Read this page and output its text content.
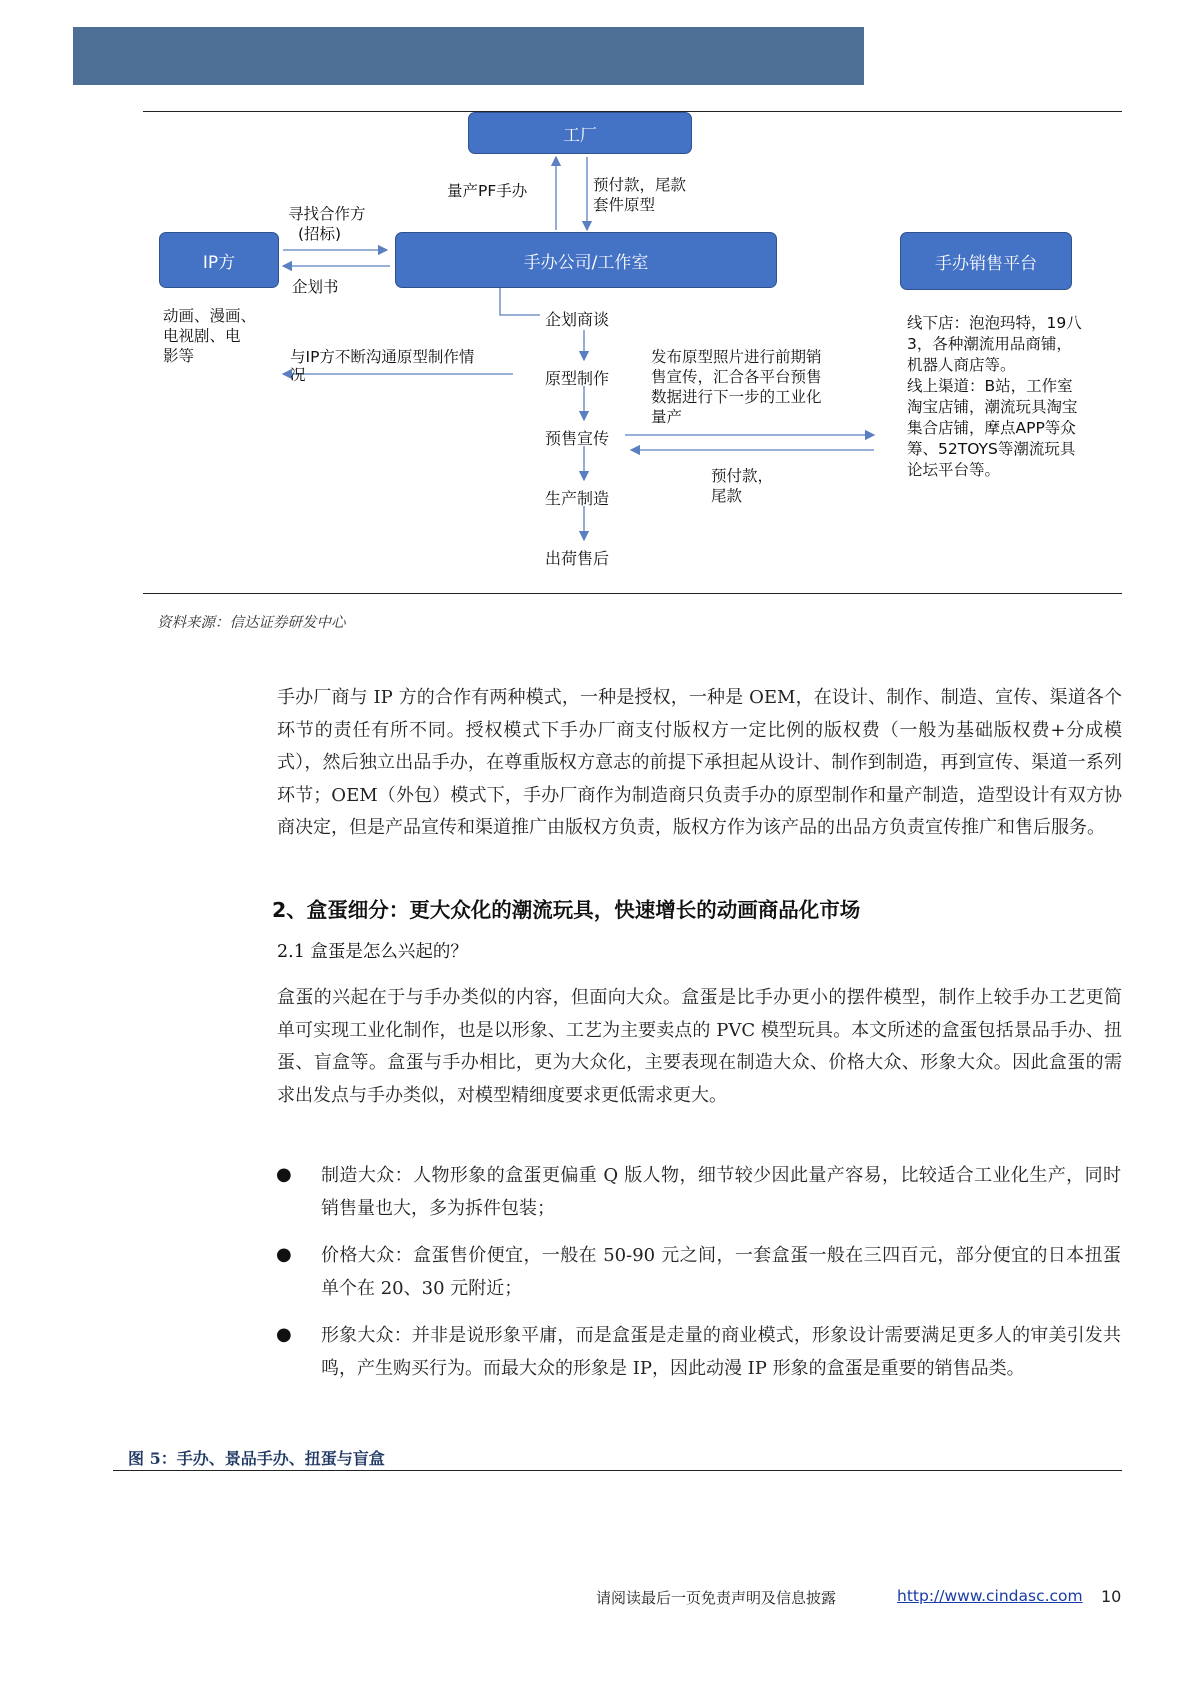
工厂
IP方	手办公司/工作室	手办销售平台
量产PF手办	预付款，尾款
套件原型
寻找合作方
(招标)
企划书
动画、漫画、
电视剧、电
影等	与IP方不断沟通原型制作情
况
发布原型照片进行前期销
售宣传，汇合各平台预售
数据进行下一步的工业化
量产
预付款，
尾款
线下店：泡泡玛特，19八
3，各种潮流用品商铺，
机器人商店等。
线上渠道：B站，工作室
淘宝店铺，潮流玩具淘宝
集合店铺，摩点APP等众
筹、52TOYS等潮流玩具
论坛平台等。
企划商谈
原型制作
预售宣传
生产制造
出荷售后
资料来源：信达证券研发中心
手办厂商与 IP 方的合作有两种模式，一种是授权，一种是 OEM，在设计、制作、制造、宣传、渠道各个环节的责任有所不同。授权模式下手办厂商支付版权方一定比例的版权费（一般为基础版权费+分成模式），然后独立出品手办，在尊重版权方意志的前提下承担起从设计、制作到制造，再到宣传、渠道一系列环节；OEM（外包）模式下，手办厂商作为制造商只负责手办的原型制作和量产制造，造型设计有双方协商决定，但是产品宣传和渠道推广由版权方负责，版权方作为该产品的出品方负责宣传推广和售后服务。
2、盒蛋细分：更大众化的潮流玩具，快速增长的动画商品化市场
2.1 盒蛋是怎么兴起的？
盒蛋的兴起在于与手办类似的内容，但面向大众。盒蛋是比手办更小的摆件模型，制作上较手办工艺更简单可实现工业化制作，也是以形象、工艺为主要卖点的 PVC 模型玩具。本文所述的盒蛋包括景品手办、扭蛋、盲盒等。盒蛋与手办相比，更为大众化，主要表现在制造大众、价格大众、形象大众。因此盒蛋的需求出发点与手办类似，对模型精细度要求更低需求更大。
● 制造大众：人物形象的盒蛋更偏重 Q 版人物，细节较少因此量产容易，比较适合工业化生产，同时销售量也大，多为拆件包装；
● 价格大众：盒蛋售价便宜，一般在 50-90 元之间，一套盒蛋一般在三四百元，部分便宜的日本扭蛋单个在 20、30 元附近；
● 形象大众：并非是说形象平庸，而是盒蛋是走量的商业模式，形象设计需要满足更多人的审美引发共鸣，产生购买行为。而最大众的形象是 IP，因此动漫 IP 形象的盒蛋是重要的销售品类。
图 5：手办、景品手办、扭蛋与盲盒
请阅读最后一页免责声明及信息披露	http://www.cindasc.com 10
